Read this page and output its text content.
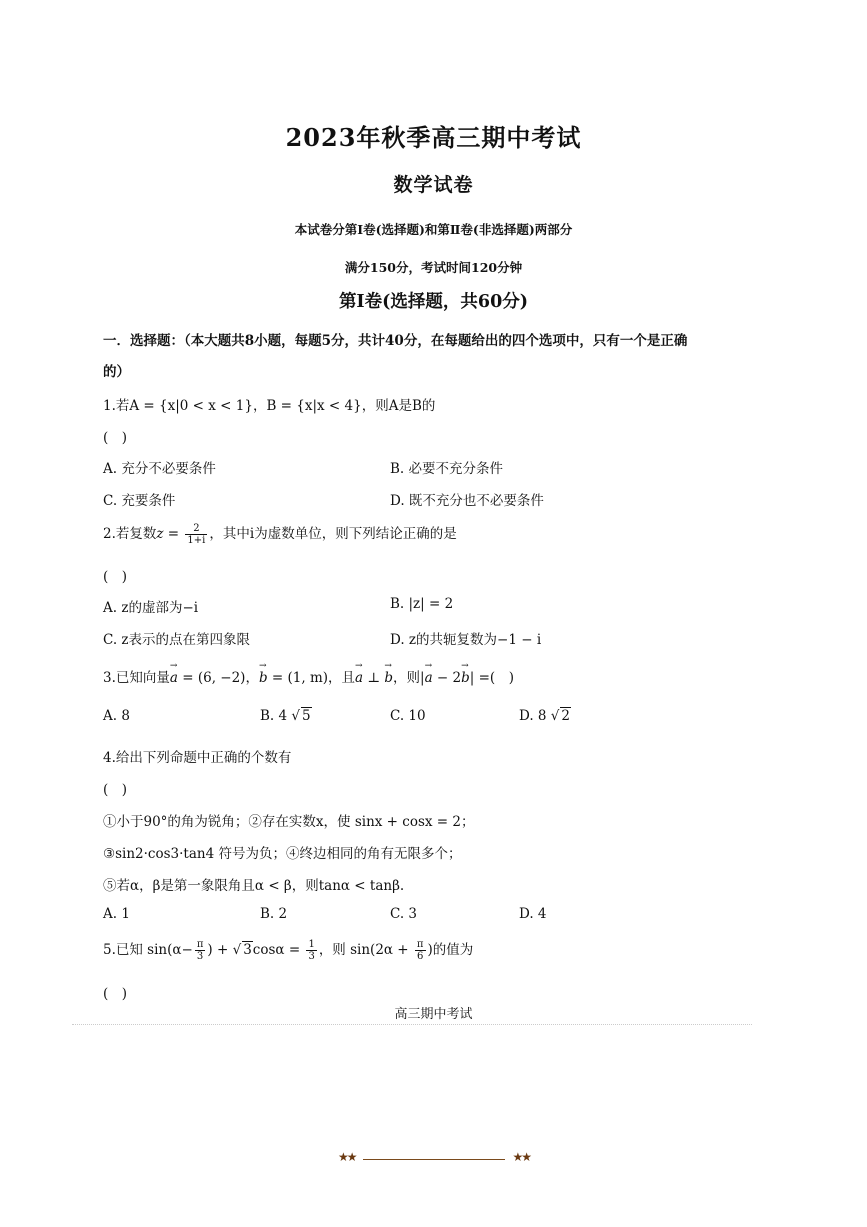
2023年秋季高三期中考试
数学试卷
本试卷分第Ⅰ卷(选择题)和第Ⅱ卷(非选择题)两部分
满分150分，考试时间120分钟
第Ⅰ卷(选择题，共60分)
一．选择题：（本大题共8小题，每题5分，共计40分，在每题给出的四个选项中，只有一个是正确
的）
1.若A = {x|0 < x < 1}，B = {x|x < 4}，则A是B的
(　)
A. 充分不必要条件	B. 必要不充分条件
C. 充要条件	D. 既不充分也不必要条件
2.若复数$z = \frac{2}{1+i}$ ，其中i为虚数单位，则下列结论正确的是
(　)
A. z的虚部为−i	B. |z| = 2
C. z表示的点在第四象限	D. z的共轭复数为−1 − i
3.已知向量→ a = (6, −2)，→ b = (1, m)，且→ a ⊥ → b，则|→ a − 2→ b| =(　)
A. 8	B. 4 √ 5	C. 10	D. 8 √ 2
4.给出下列命题中正确的个数有
(　)
①小于90°的角为锐角；②存在实数x，使 sinx + cosx = 2；
③sin2·cos3·tan4 符号为负；④终边相同的角有无限多个；
⑤若α，β是第一象限角且α < β，则tanα < tanβ.
A. 1	B. 2	C. 3	D. 4
5.已知 $\sin(\alpha- \frac{\pi}{3}$ ) + √ $3\cos\alpha = \frac{1}{3}$ ，则 $\sin(2\alpha + \frac{\pi}{6}$ )的值为
(　)
高三期中考试
★★	★★
